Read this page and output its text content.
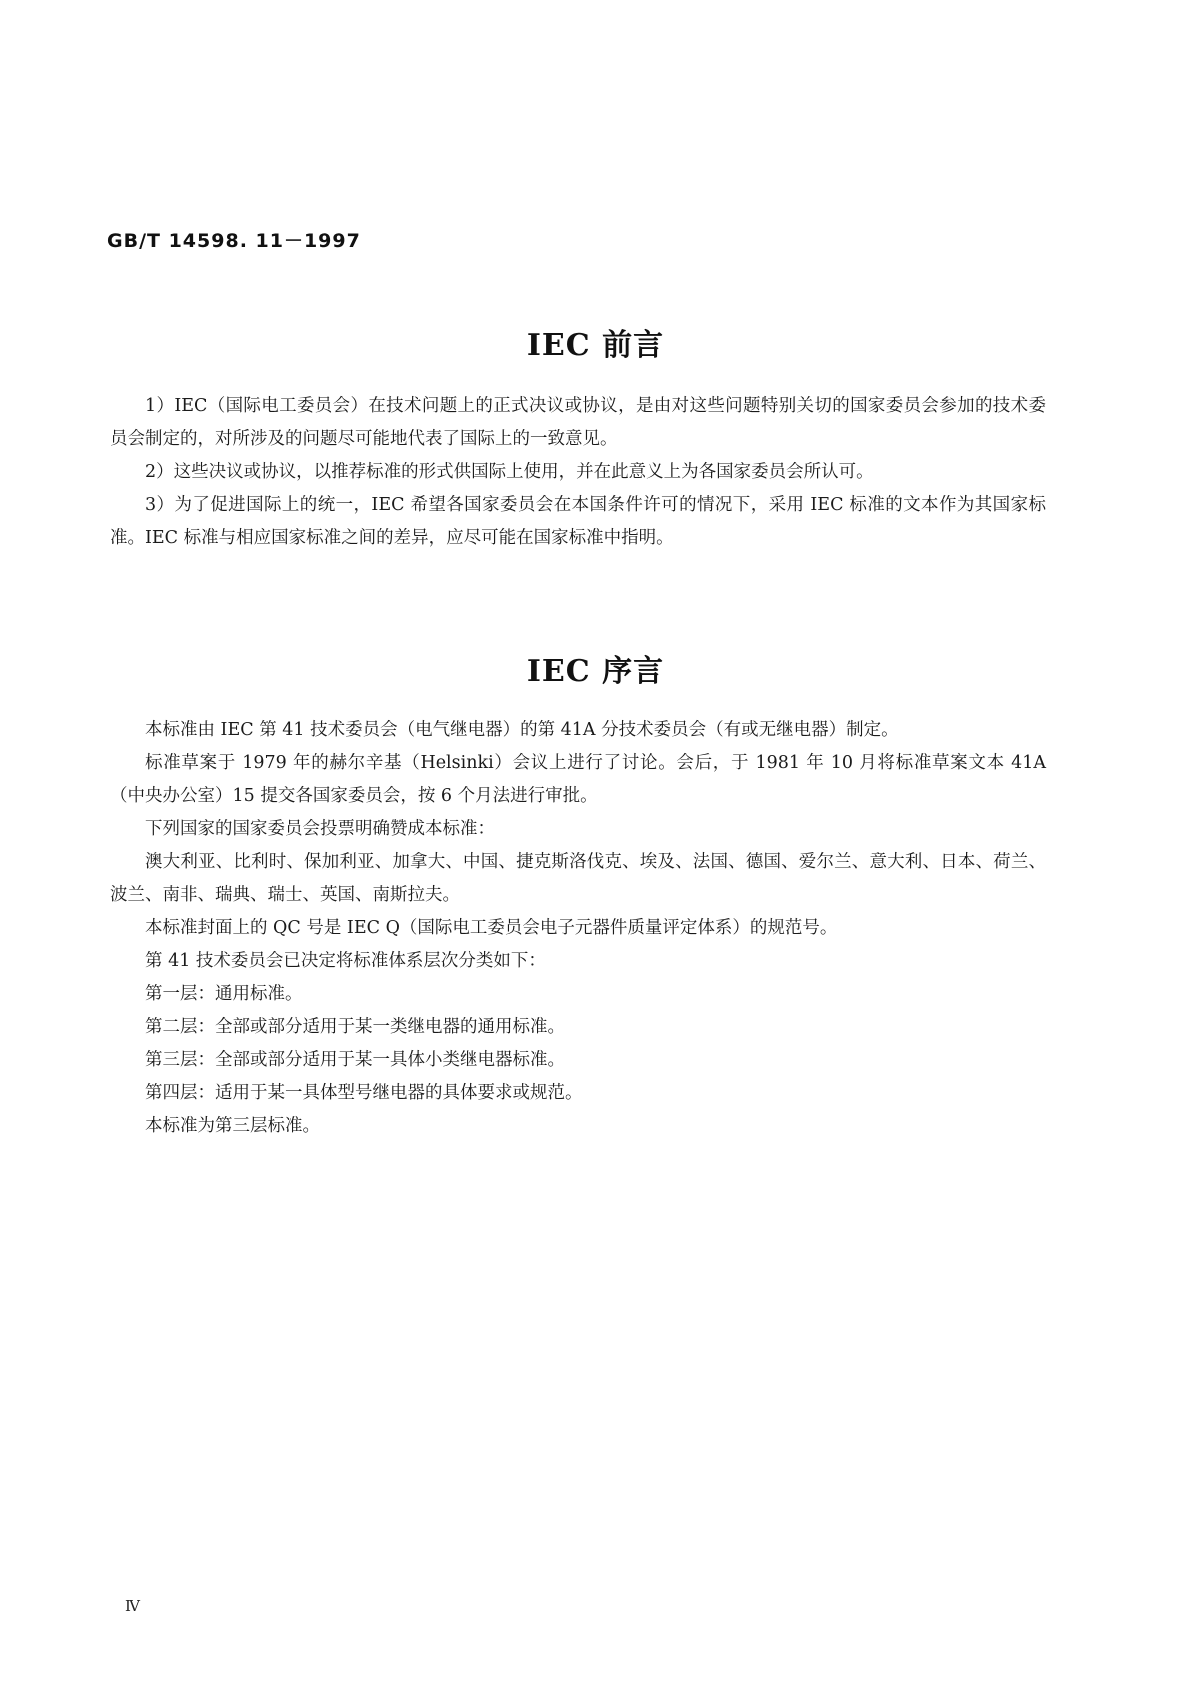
GB/T 14598. 11－1997
IEC 前言

1）IEC（国际电工委员会）在技术问题上的正式决议或协议，是由对这些问题特别关切的国家委员会参加的技术委员会制定的，对所涉及的问题尽可能地代表了国际上的一致意见。

2）这些决议或协议，以推荐标准的形式供国际上使用，并在此意义上为各国家委员会所认可。

3）为了促进国际上的统一，IEC 希望各国家委员会在本国条件许可的情况下，采用 IEC 标准的文本作为其国家标准。IEC 标准与相应国家标准之间的差异，应尽可能在国家标准中指明。

IEC 序言

本标准由 IEC 第 41 技术委员会（电气继电器）的第 41A 分技术委员会（有或无继电器）制定。

标准草案于 1979 年的赫尔辛基（Helsinki）会议上进行了讨论。会后，于 1981 年 10 月将标准草案文本 41A（中央办公室）15 提交各国家委员会，按 6 个月法进行审批。

下列国家的国家委员会投票明确赞成本标准：

澳大利亚、比利时、保加利亚、加拿大、中国、捷克斯洛伐克、埃及、法国、德国、爱尔兰、意大利、日本、荷兰、波兰、南非、瑞典、瑞士、英国、南斯拉夫。

本标准封面上的 QC 号是 IEC Q（国际电工委员会电子元器件质量评定体系）的规范号。

第 41 技术委员会已决定将标准体系层次分类如下：

第一层：通用标准。

第二层：全部或部分适用于某一类继电器的通用标准。

第三层：全部或部分适用于某一具体小类继电器标准。

第四层：适用于某一具体型号继电器的具体要求或规范。

本标准为第三层标准。

Ⅳ
